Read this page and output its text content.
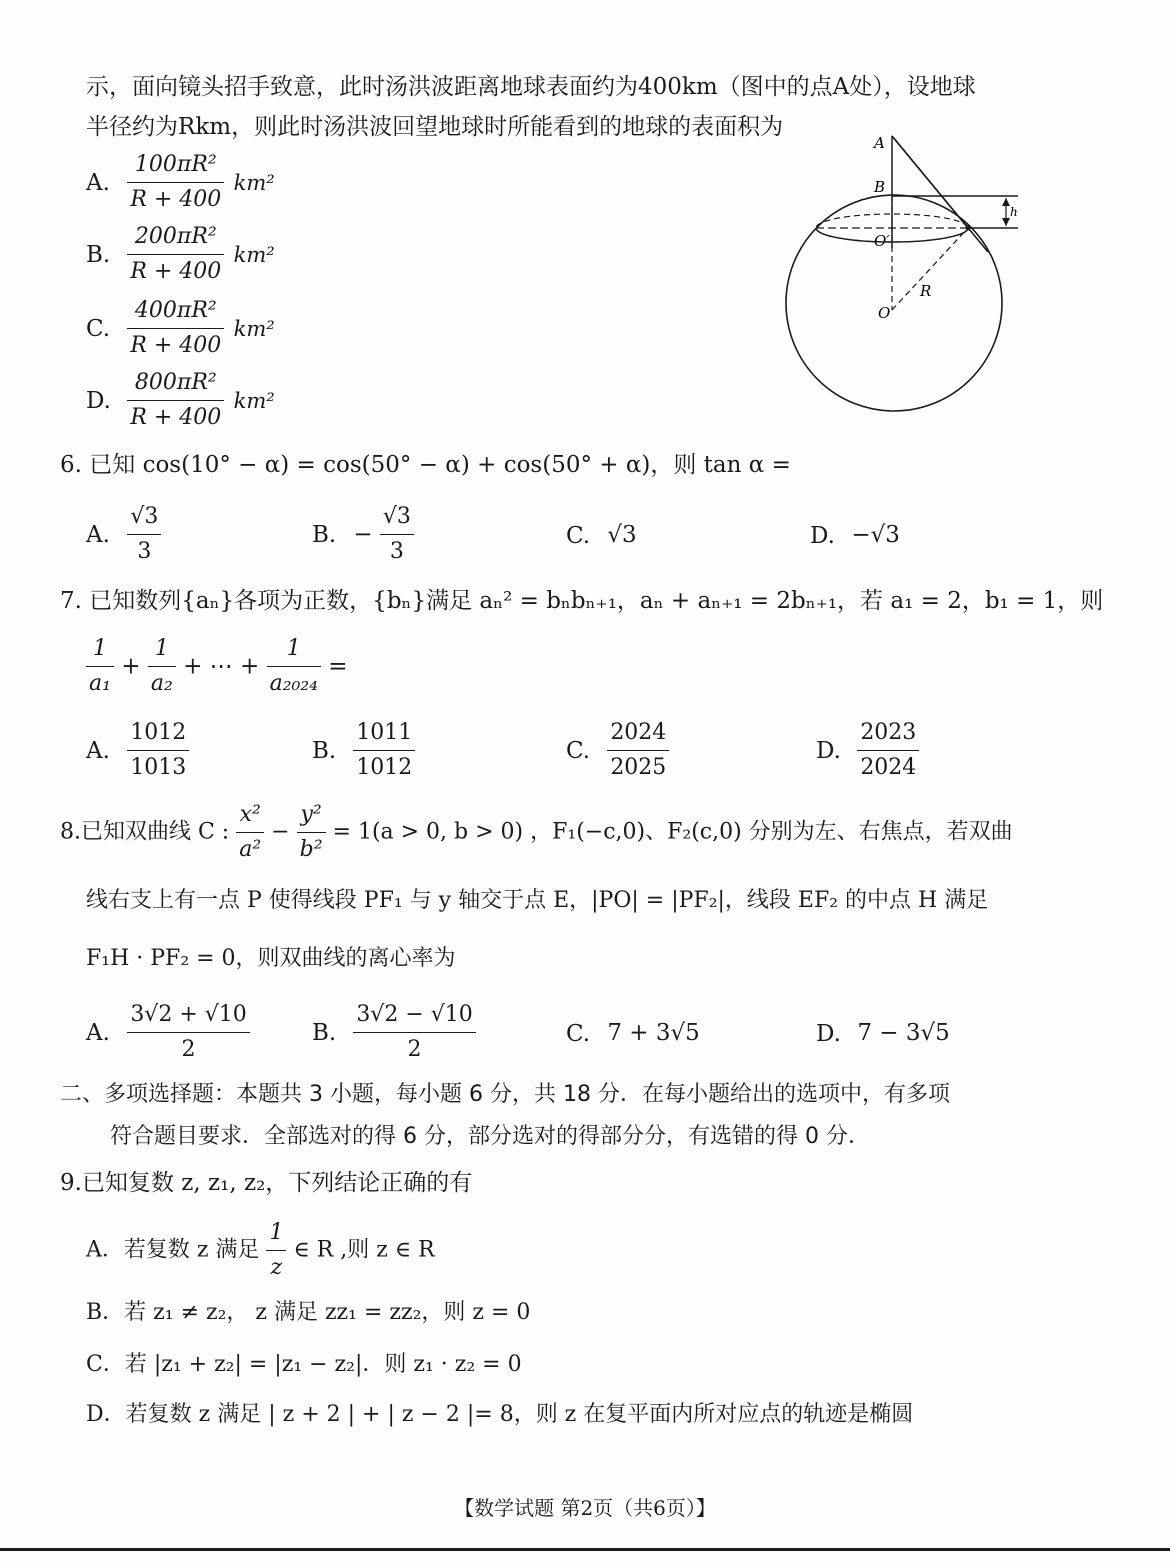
示，面向镜头招手致意，此时汤洪波距离地球表面约为400km（图中的点A处），设地球
半径约为Rkm，则此时汤洪波回望地球时所能看到的地球的表面积为
A. $\frac{\text{100πR²}}{R + 400} km^2$
B. $\frac{\text{200πR²}}{R + 400} km^2$
C. $\frac{\text{400πR²}}{R + 400} km^2$
D. $\frac{\text{800πR²}}{R + 400} km^2$
A
B
O′
O
R
h
6. 已知 cos(10° − α) = cos(50° − α) + cos(50° + α)，则 tan α =
A. $\frac{√3}{3}$	B. − $\frac{√3}{3}$	C. √3	D. −√3
7. 已知数列{aₙ}各项为正数，{bₙ}满足 aₙ² = bₙbₙ₊₁，aₙ + aₙ₊₁ = 2bₙ₊₁，若 a₁ = 2，b₁ = 1，则
$\frac{1}{\text{a₁}} + \frac{1}{\text{a₂}}$ + ⋯ + $\frac{1}{\text{a₂₀₂₄}}$ =
A. $\frac{1012}{1013}$	B. $\frac{1011}{1012}$	C. $\frac{2024}{2025}$	D. $\frac{2023}{2024}$
8.已知双曲线 C : $\frac{\text{x²}}{\text{a²}} - \frac{\text{y²}}{\text{b²}} = 1(a > 0$, b > 0) ，F₁(−c,0)、F₂(c,0) 分别为左、右焦点，若双曲
线右支上有一点 P 使得线段 PF₁ 与 y 轴交于点 E，|PO| = |PF₂|，线段 EF₂ 的中点 H 满足
F₁H · PF₂ = 0，则双曲线的离心率为
A. $\frac{3√2 + √10}{2}$	B. $\frac{3√2 - √10}{2}$	C. 7 + 3√5	D. 7 − 3√5
二、多项选择题：本题共 3 小题，每小题 6 分，共 18 分．在每小题给出的选项中，有多项
符合题目要求．全部选对的得 6 分，部分选对的得部分分，有选错的得 0 分．
9.已知复数 z, z₁, z₂，下列结论正确的有
A．若复数 z 满足 $\frac{1}{z}$ ∈ R ,则 z ∈ R
B．若 z₁ ≠ z₂， z 满足 zz₁ = zz₂，则 z = 0
C．若 |z₁ + z₂| = |z₁ − z₂|．则 z₁ · z₂ = 0
D．若复数 z 满足 | z + 2 | + | z − 2 |= 8，则 z 在复平面内所对应点的轨迹是椭圆
【数学试题 第2页（共6页）】
